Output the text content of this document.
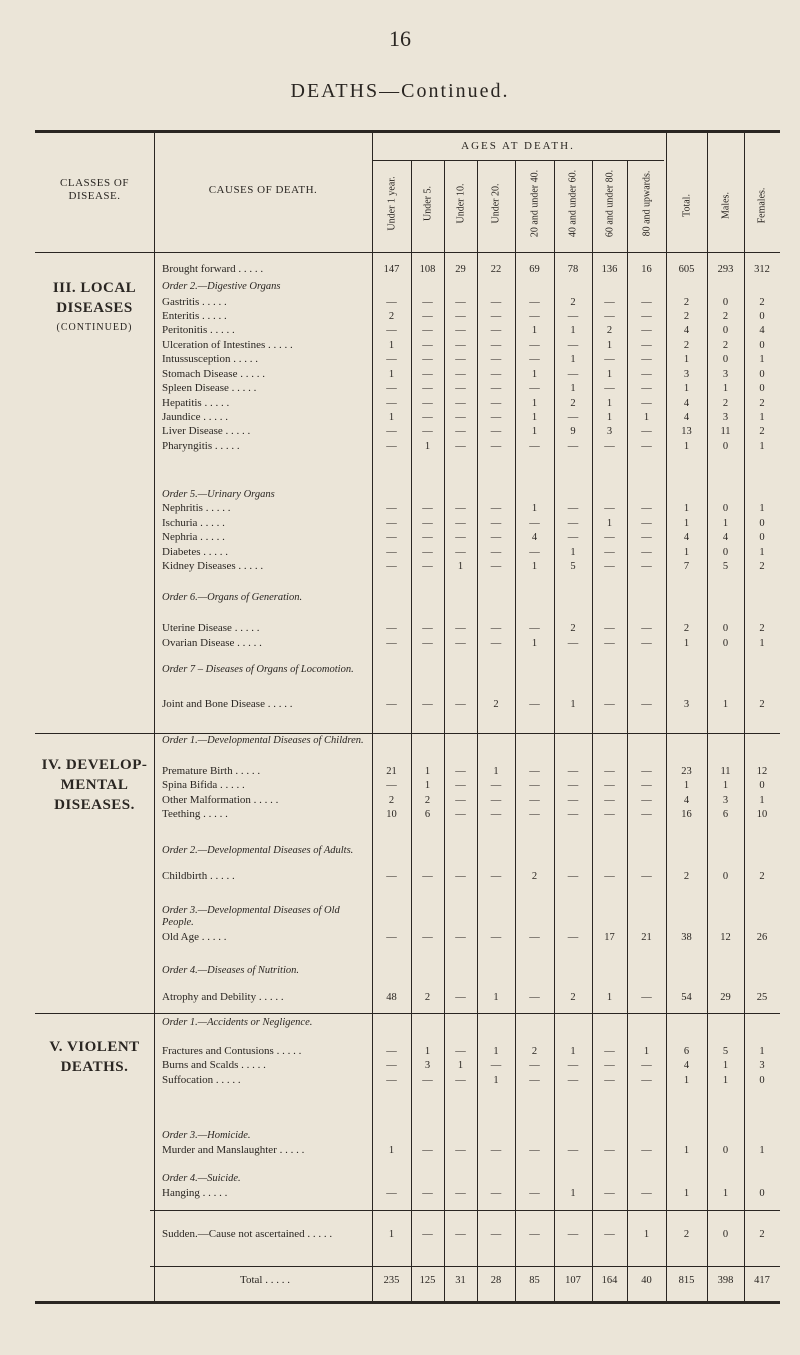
16
DEATHS—Continued.
CLASSES OF DISEASE.	CAUSES OF DEATH.
AGES AT DEATH.
Under 1 year.	Under 5. Under 10. Under 20.	20 and under 40.	40 and under 60.	60 and under 80.	80 and upwards.	Total.	Males.	Females.
III. LOCAL DISEASES
(CONTINUED)
IV. DEVELOP- MENTAL DISEASES.
V. VIOLENT DEATHS.
Order 2.—Digestive Organs
Order 5.—Urinary Organs
Order 6.—Organs of Generation.
Order 7 – Diseases of Organs of Locomotion.
Order 1.—Developmental Diseases of Children.
Order 2.—Developmental Diseases of Adults.
Order 3.—Developmental Diseases of Old People.
Order 4.—Diseases of Nutrition.
Order 1.—Accidents or Negligence.
Order 3.—Homicide.
Order 4.—Suicide.
Brought forward . . . . .	147	108	29	22	69	78	136	16	605	293	312
Gastritis . . . . .	—	—	—	—	—	2	—	—	2	0	2
Enteritis . . . . .	2	—	—	—	—	—	—	—	2	2	0
Peritonitis . . . . .	—	—	—	—	1	1	2	—	4	0	4
Ulceration of Intestines . . . . .	1	—	—	—	—	—	1	—	2	2	0
Intussusception . . . . .	—	—	—	—	—	1	—	—	1	0	1
Stomach Disease . . . . .	1	—	—	—	1	—	1	—	3	3	0
Spleen Disease . . . . .	—	—	—	—	—	1	—	—	1	1	0
Hepatitis . . . . .	—	—	—	—	1	2	1	—	4	2	2
Jaundice . . . . .	1	—	—	—	1	—	1	1	4	3	1
Liver Disease . . . . .	—	—	—	—	1	9	3	—	13	11	2
Pharyngitis . . . . .	—	1	—	—	—	—	—	—	1	0	1
Nephritis . . . . .	—	—	—	—	1	—	—	—	1	0	1
Ischuria . . . . .	—	—	—	—	—	—	1	—	1	1	0
Nephria . . . . .	—	—	—	—	4	—	—	—	4	4	0
Diabetes . . . . .	—	—	—	—	—	1	—	—	1	0	1
Kidney Diseases . . . . .	—	—	1	—	1	5	—	—	7	5	2
Uterine Disease . . . . .	—	—	—	—	—	2	—	—	2	0	2
Ovarian Disease . . . . .	—	—	—	—	1	—	—	—	1	0	1
Joint and Bone Disease . . . . .	—	—	—	2	—	1	—	—	3	1	2
Premature Birth . . . . .	21	1	—	1	—	—	—	—	23	11	12
Spina Bifida . . . . .	—	1	—	—	—	—	—	—	1	1	0
Other Malformation . . . . .	2	2	—	—	—	—	—	—	4	3	1
Teething . . . . .	10	6	—	—	—	—	—	—	16	6	10
Childbirth . . . . .	—	—	—	—	2	—	—	—	2	0	2
Old Age . . . . .	—	—	—	—	—	—	17	21	38	12	26
Atrophy and Debility . . . . .	48	2	—	1	—	2	1	—	54	29	25
Fractures and Contusions . . . . .	—	1	—	1	2	1	—	1	6	5	1
Burns and Scalds . . . . .	—	3	1	—	—	—	—	—	4	1	3
Suffocation . . . . .	—	—	—	1	—	—	—	—	1	1	0
Murder and Manslaughter . . . . .	1	—	—	—	—	—	—	—	1	0	1
Hanging . . . . .	—	—	—	—	—	1	—	—	1	1	0
Sudden.—Cause not ascertained . . . . .	1	—	—	—	—	—	—	1	2	0	2
Total . . . . .	235	125	31	28	85	107	164	40	815	398	417
